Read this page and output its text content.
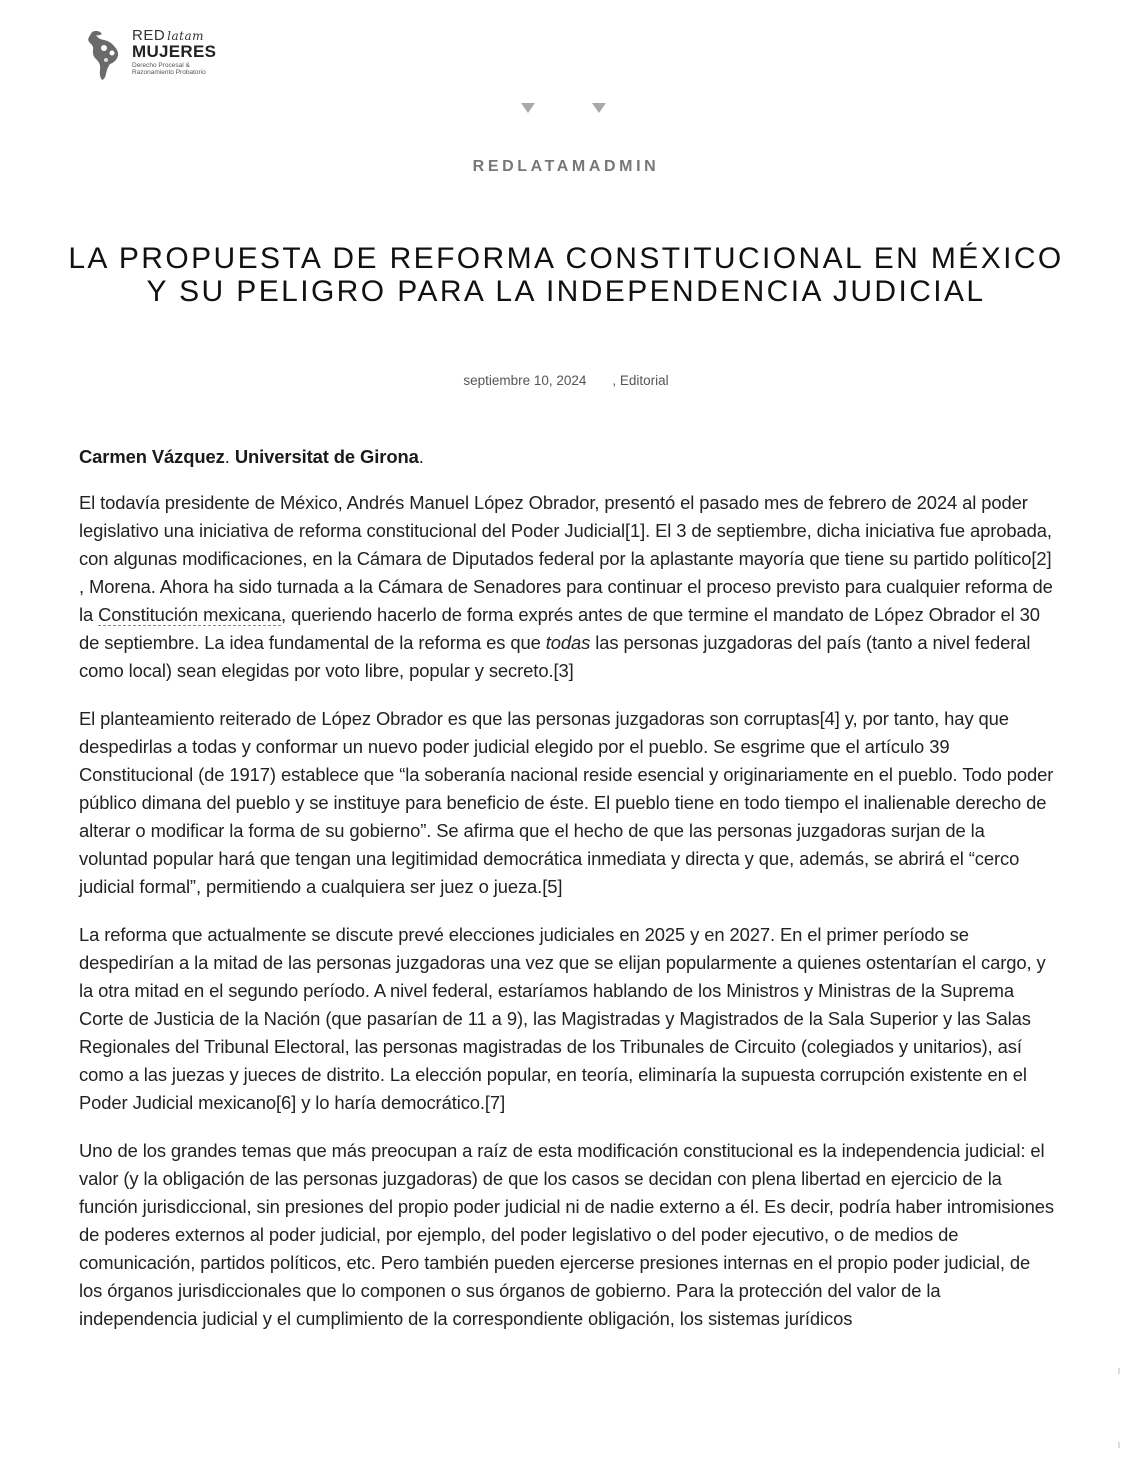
RED latam
MUJERES
Derecho Procesal &
Razonamiento Probatorio
REDLATAMADMIN
LA PROPUESTA DE REFORMA CONSTITUCIONAL EN MÉXICO
Y SU PELIGRO PARA LA INDEPENDENCIA JUDICIAL
septiembre 10, 2024 , Editorial

Carmen Vázquez. Universitat de Girona.

El todavía presidente de México, Andrés Manuel López Obrador, presentó el pasado mes de febrero de 2024 al poder legislativo una iniciativa de reforma constitucional del Poder Judicial[1]. El 3 de septiembre, dicha iniciativa fue aprobada, con algunas modificaciones, en la Cámara de Diputados federal por la aplastante mayoría que tiene su partido político[2] , Morena. Ahora ha sido turnada a la Cámara de Senadores para continuar el proceso previsto para cualquier reforma de la Constitución mexicana, queriendo hacerlo de forma exprés antes de que termine el mandato de López Obrador el 30 de septiembre. La idea fundamental de la reforma es que todas las personas juzgadoras del país (tanto a nivel federal como local) sean elegidas por voto libre, popular y secreto.[3]

El planteamiento reiterado de López Obrador es que las personas juzgadoras son corruptas[4] y, por tanto, hay que despedirlas a todas y conformar un nuevo poder judicial elegido por el pueblo. Se esgrime que el artículo 39 Constitucional (de 1917) establece que “la soberanía nacional reside esencial y originariamente en el pueblo. Todo poder público dimana del pueblo y se instituye para beneficio de éste. El pueblo tiene en todo tiempo el inalienable derecho de alterar o modificar la forma de su gobierno”. Se afirma que el hecho de que las personas juzgadoras surjan de la voluntad popular hará que tengan una legitimidad democrática inmediata y directa y que, además, se abrirá el “cerco judicial formal”, permitiendo a cualquiera ser juez o jueza.[5]

La reforma que actualmente se discute prevé elecciones judiciales en 2025 y en 2027. En el primer período se despedirían a la mitad de las personas juzgadoras una vez que se elijan popularmente a quienes ostentarían el cargo, y la otra mitad en el segundo período. A nivel federal, estaríamos hablando de los Ministros y Ministras de la Suprema Corte de Justicia de la Nación (que pasarían de 11 a 9), las Magistradas y Magistrados de la Sala Superior y las Salas Regionales del Tribunal Electoral, las personas magistradas de los Tribunales de Circuito (colegiados y unitarios), así como a las juezas y jueces de distrito. La elección popular, en teoría, eliminaría la supuesta corrupción existente en el Poder Judicial mexicano[6] y lo haría democrático.[7]

Uno de los grandes temas que más preocupan a raíz de esta modificación constitucional es la independencia judicial: el valor (y la obligación de las personas juzgadoras) de que los casos se decidan con plena libertad en ejercicio de la función jurisdiccional, sin presiones del propio poder judicial ni de nadie externo a él. Es decir, podría haber intromisiones de poderes externos al poder judicial, por ejemplo, del poder legislativo o del poder ejecutivo, o de medios de comunicación, partidos políticos, etc. Pero también pueden ejercerse presiones internas en el propio poder judicial, de los órganos jurisdiccionales que lo componen o sus órganos de gobierno. Para la protección del valor de la independencia judicial y el cumplimiento de la correspondiente obligación, los sistemas jurídicos
